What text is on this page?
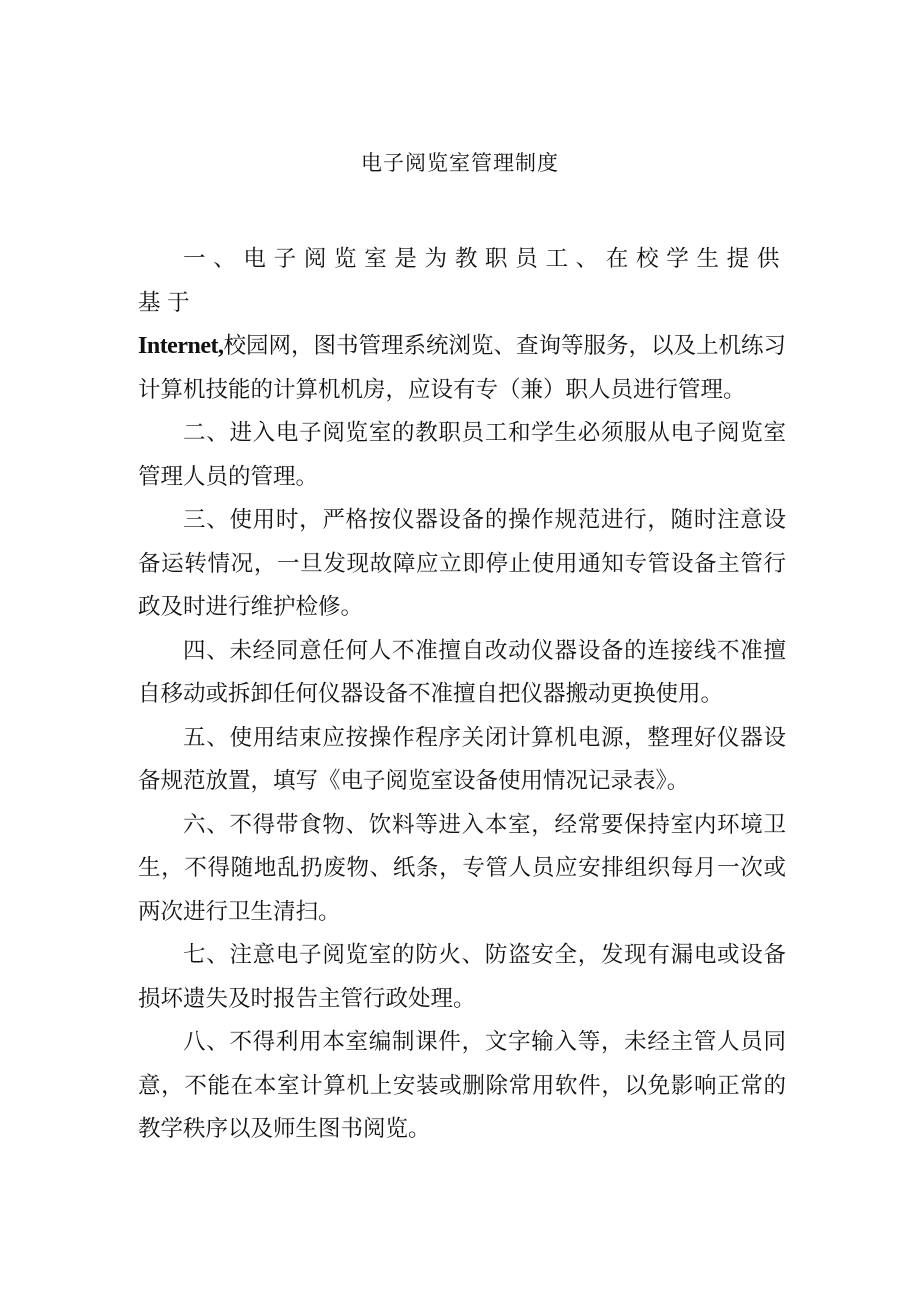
电子阅览室管理制度

一、电子阅览室是为教职员工、在校学生提供基于
Internet,校园网，图书管理系统浏览、查询等服务，以及上机练习计算机技能的计算机机房，应设有专（兼）职人员进行管理。

二、进入电子阅览室的教职员工和学生必须服从电子阅览室管理人员的管理。

三、使用时，严格按仪器设备的操作规范进行，随时注意设备运转情况，一旦发现故障应立即停止使用通知专管设备主管行政及时进行维护检修。

四、未经同意任何人不准擅自改动仪器设备的连接线不准擅自移动或拆卸任何仪器设备不准擅自把仪器搬动更换使用。

五、使用结束应按操作程序关闭计算机电源，整理好仪器设备规范放置，填写《电子阅览室设备使用情况记录表》。

六、不得带食物、饮料等进入本室，经常要保持室内环境卫生，不得随地乱扔废物、纸条，专管人员应安排组织每月一次或两次进行卫生清扫。

七、注意电子阅览室的防火、防盗安全，发现有漏电或设备损坏遗失及时报告主管行政处理。

八、不得利用本室编制课件，文字输入等，未经主管人员同意，不能在本室计算机上安装或删除常用软件，以免影响正常的教学秩序以及师生图书阅览。
